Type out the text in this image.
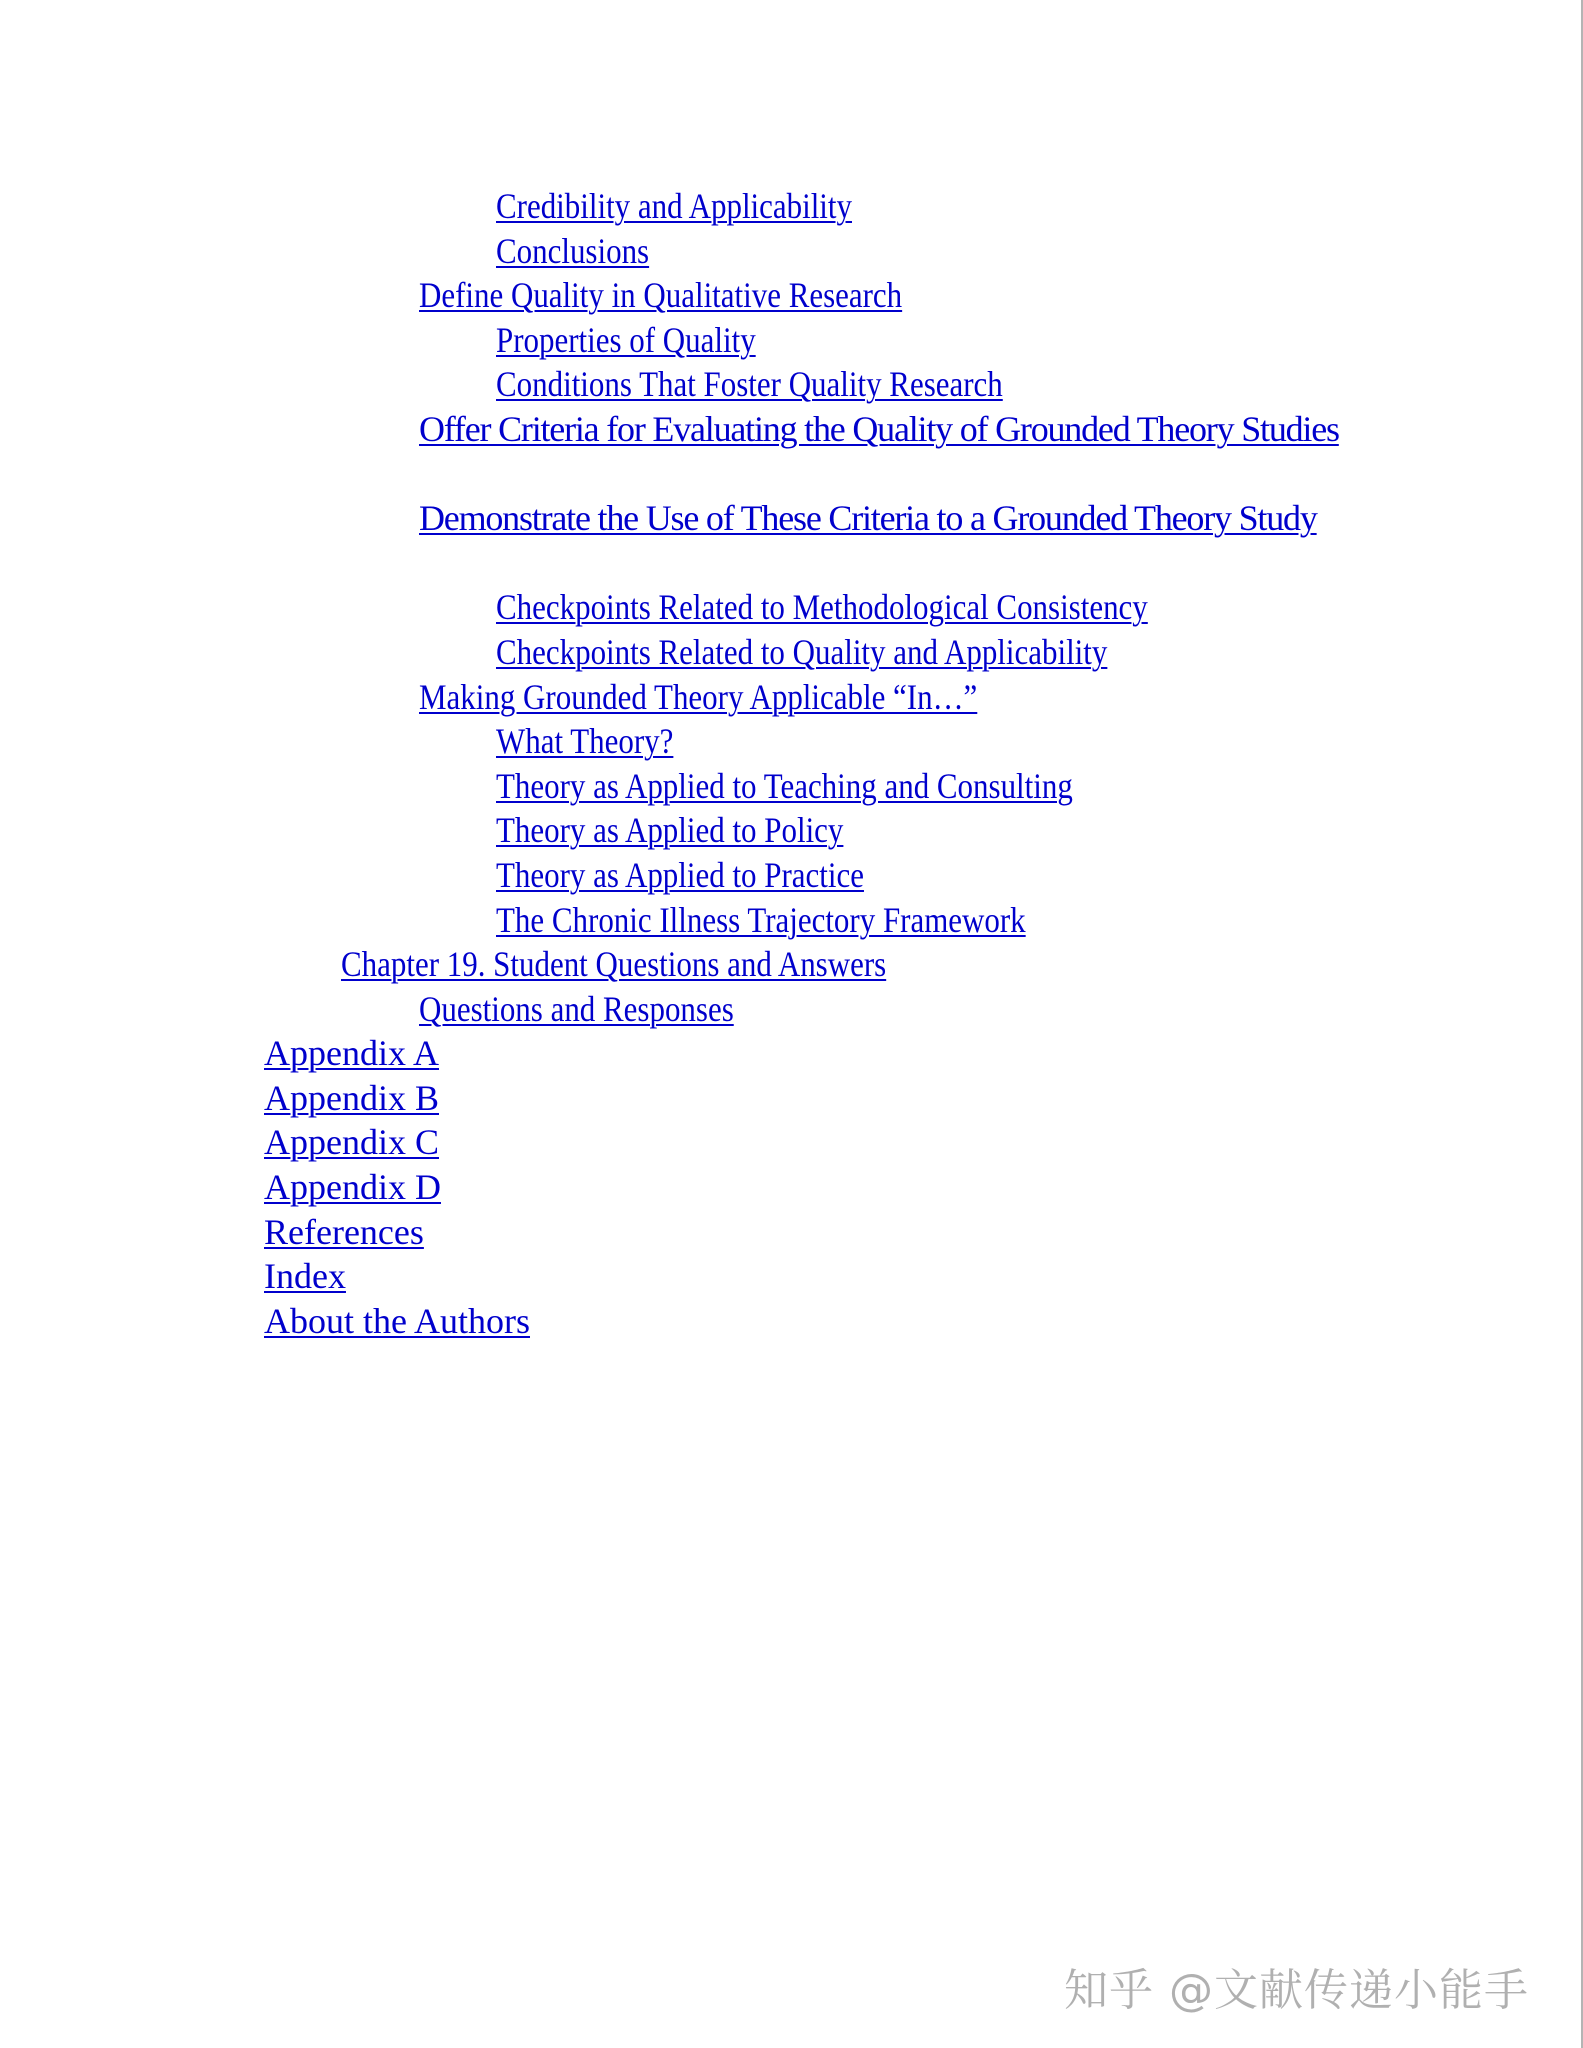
Credibility and Applicability
Conclusions
Define Quality in Qualitative Research
Properties of Quality
Conditions That Foster Quality Research
Offer Criteria for Evaluating the Quality of Grounded Theory Studies
Demonstrate the Use of These Criteria to a Grounded Theory Study
Checkpoints Related to Methodological Consistency
Checkpoints Related to Quality and Applicability
Making Grounded Theory Applicable “In…”
What Theory?
Theory as Applied to Teaching and Consulting
Theory as Applied to Policy
Theory as Applied to Practice
The Chronic Illness Trajectory Framework
Chapter 19. Student Questions and Answers
Questions and Responses
Appendix A
Appendix B
Appendix C
Appendix D
References
Index
About the Authors
知乎 @文献传递小能手
